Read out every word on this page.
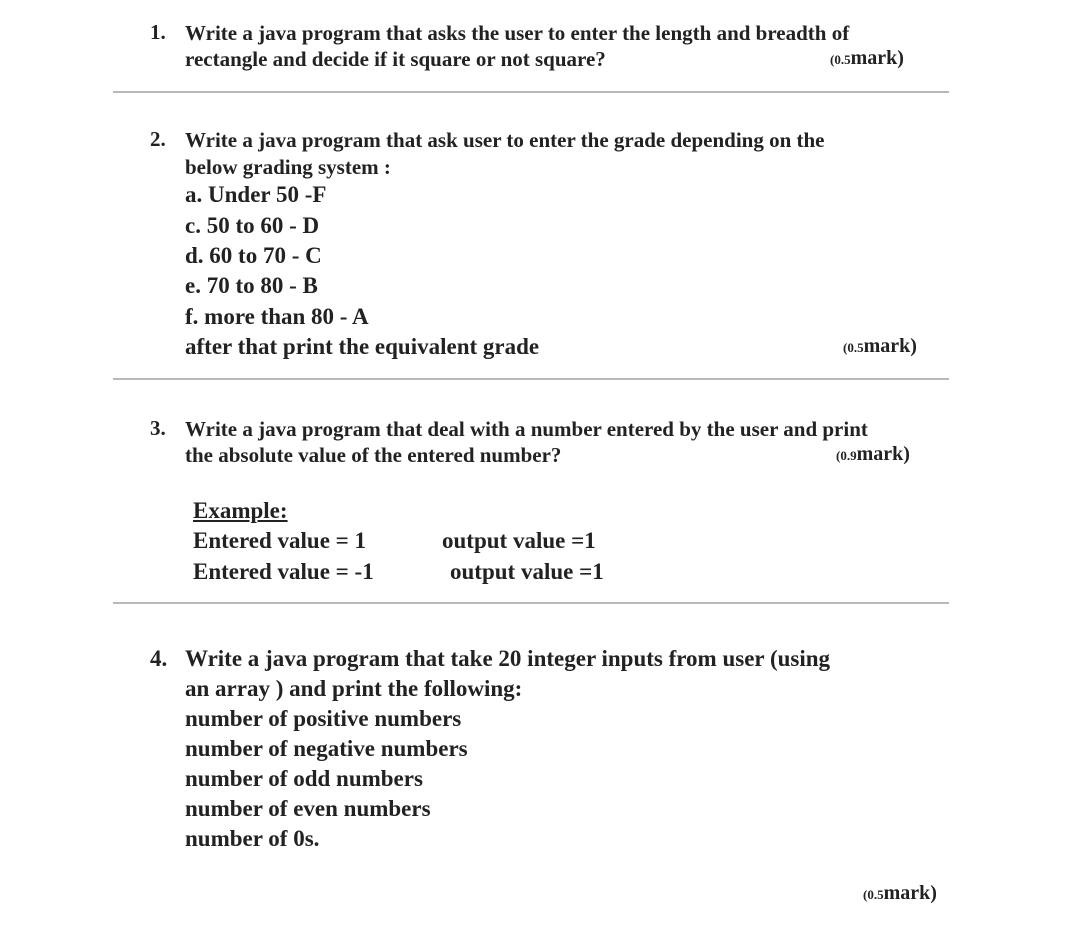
1. Write a java program that asks the user to enter the length and breadth of
rectangle and decide if it square or not square?	(0.5mark)
2. Write a java program that ask user to enter the grade depending on the
below grading system :
a. Under 50 -F
c. 50 to 60 - D
d. 60 to 70 - C
e. 70 to 80 - B
f. more than 80 - A
after that print the equivalent grade	(0.5mark)
3. Write a java program that deal with a number entered by the user and print
the absolute value of the entered number?	(0.9mark)
Example:
Entered value = 1	output value =1
Entered value = -1	output value =1
4. Write a java program that take 20 integer inputs from user (using
an array ) and print the following:
number of positive numbers
number of negative numbers
number of odd numbers
number of even numbers
number of 0s.
(0.5mark)
